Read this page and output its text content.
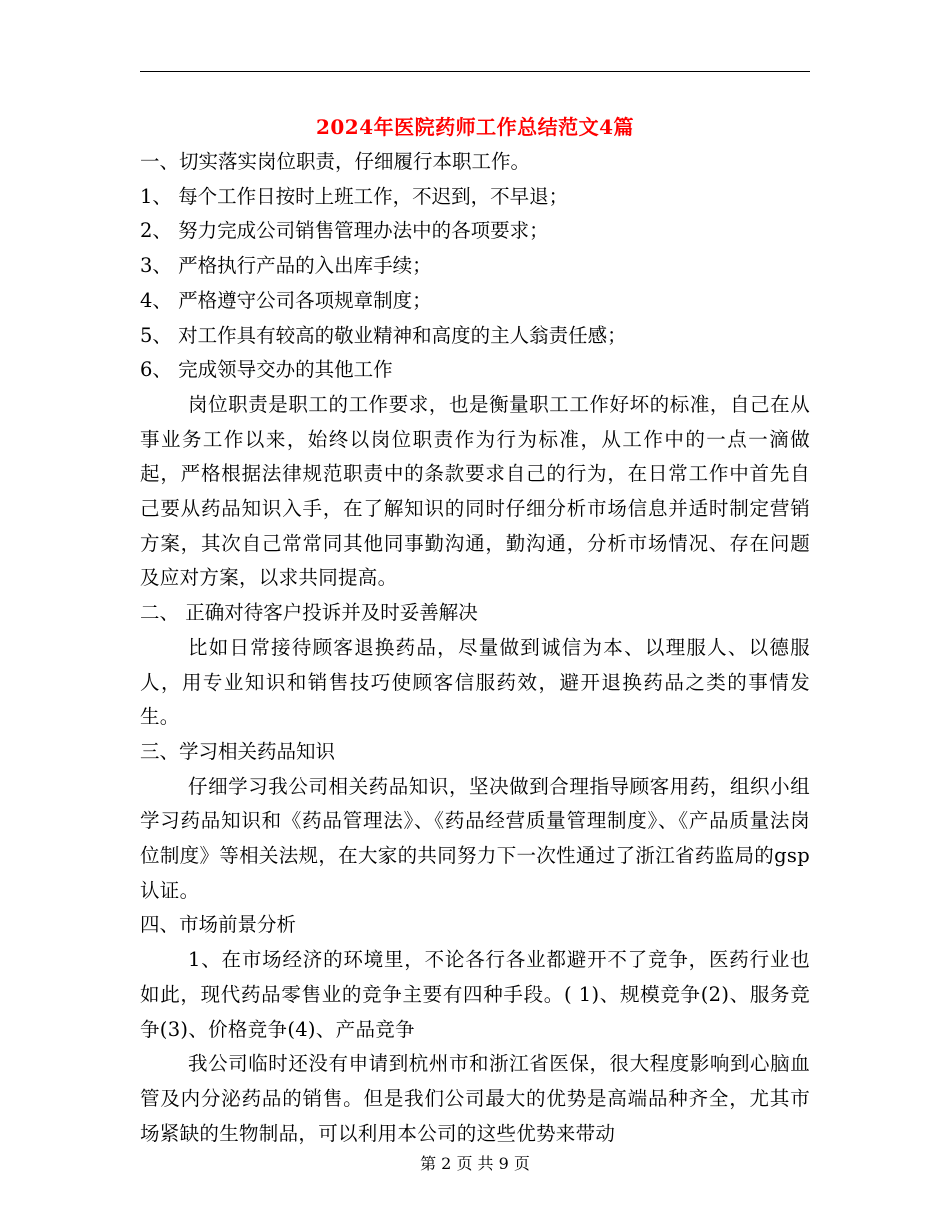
2024年医院药师工作总结范文4篇

一、切实落实岗位职责，仔细履行本职工作。

1、 每个工作日按时上班工作，不迟到，不早退；

2、 努力完成公司销售管理办法中的各项要求；

3、 严格执行产品的入出库手续；

4、 严格遵守公司各项规章制度；

5、 对工作具有较高的敬业精神和高度的主人翁责任感；

6、 完成领导交办的其他工作

岗位职责是职工的工作要求，也是衡量职工工作好坏的标准，自己在从事业务工作以来，始终以岗位职责作为行为标准，从工作中的一点一滴做起，严格根据法律规范职责中的条款要求自己的行为，在日常工作中首先自己要从药品知识入手，在了解知识的同时仔细分析市场信息并适时制定营销方案，其次自己常常同其他同事勤沟通，勤沟通，分析市场情况、存在问题及应对方案，以求共同提高。

二、 正确对待客户投诉并及时妥善解决

比如日常接待顾客退换药品，尽量做到诚信为本、以理服人、以德服人，用专业知识和销售技巧使顾客信服药效，避开退换药品之类的事情发生。

三、学习相关药品知识

仔细学习我公司相关药品知识，坚决做到合理指导顾客用药，组织小组学习药品知识和《药品管理法》、《药品经营质量管理制度》、《产品质量法岗位制度》等相关法规，在大家的共同努力下一次性通过了浙江省药监局的gsp认证。

四、市场前景分析

1、在市场经济的环境里，不论各行各业都避开不了竞争，医药行业也如此，现代药品零售业的竞争主要有四种手段。( 1)、规模竞争(2)、服务竞争(3)、价格竞争(4)、产品竞争

我公司临时还没有申请到杭州市和浙江省医保，很大程度影响到心脑血管及内分泌药品的销售。但是我们公司最大的优势是高端品种齐全，尤其市场紧缺的生物制品，可以利用本公司的这些优势来带动

第 2 页 共 9 页
